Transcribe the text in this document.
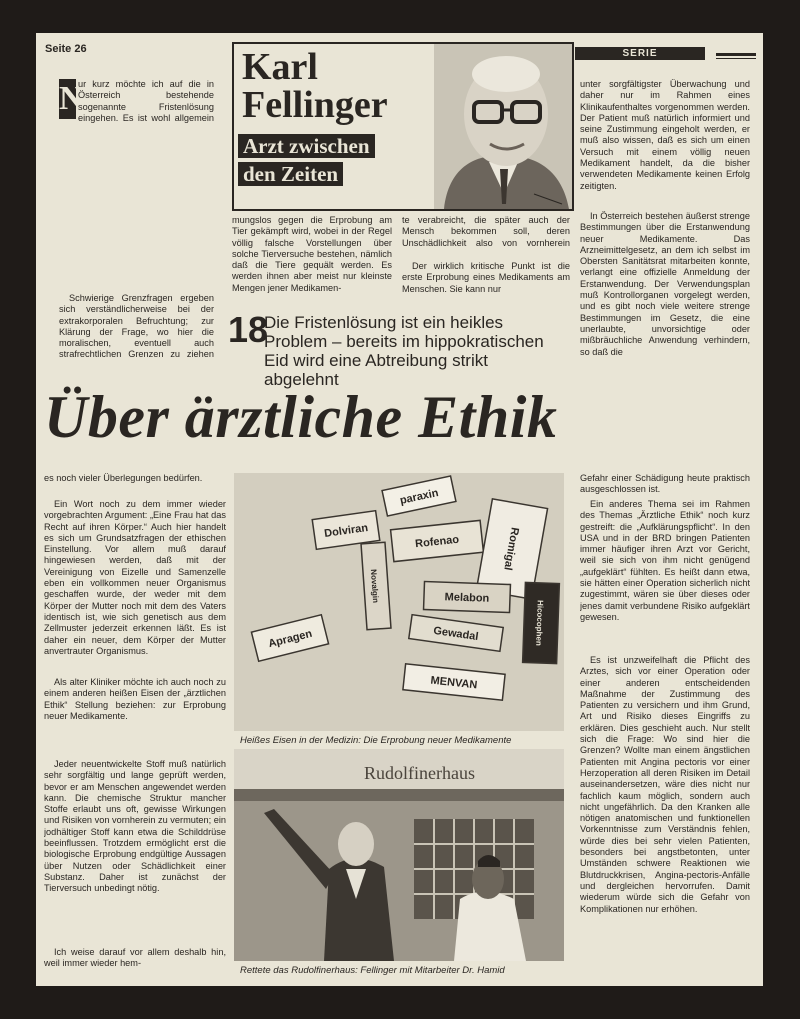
Seite 26	SERIE
Karl
Fellinger
Arzt zwischen
den Zeiten
N

ur kurz möchte ich auf die in Österreich bestehende sogenannte Fristenlösung eingehen. Es ist wohl allgemein

Schwierige Grenzfragen ergeben sich verständlicherweise bei der extrakorporalen Befruchtung; zur Klärung der Frage, wo hier die moralischen, eventuell auch strafrechtlichen Grenzen zu ziehen

mungslos gegen die Erprobung am Tier gekämpft wird, wobei in der Regel völlig falsche Vorstellungen über solche Tierversuche bestehen, nämlich daß die Tiere gequält werden. Es werden ihnen aber meist nur kleinste Mengen jener Medikamen-

te verabreicht, die später auch der Mensch bekommen soll, deren Unschädlichkeit also von vornherein

Der wirklich kritische Punkt ist die erste Erprobung eines Medikaments am Menschen. Sie kann nur

unter sorgfältigster Überwachung und daher nur im Rahmen eines Klinikaufenthaltes vorgenommen werden. Der Patient muß natürlich informiert und seine Zustimmung eingeholt werden, er muß also wissen, daß es sich um einen Versuch mit einem völlig neuen Medikament handelt, da die bisher verwendeten Medikamente keinen Erfolg zeitigten.

In Österreich bestehen äußerst strenge Bestimmungen über die Erstanwendung neuer Medikamente. Das Arzneimittelgesetz, an dem ich selbst im Obersten Sanitätsrat mitarbeiten konnte, verlangt eine offizielle Anmeldung der Erstanwendung. Der Verwendungsplan muß Kontrollorganen vorgelegt werden, und es gibt noch viele weitere strenge Bestimmungen im Gesetz, die eine unerlaubte, unvorsichtige oder mißbräuchliche Anwendung verhindern, so daß die

18

Die Fristenlösung ist ein heikles Problem – bereits im hippokratischen Eid wird eine Abtreibung strikt abgelehnt

Über ärztliche Ethik

es noch vieler Überlegungen bedürfen.

Ein Wort noch zu dem immer wieder vorgebrachten Argument: „Eine Frau hat das Recht auf ihren Körper.“ Auch hier handelt es sich um Grundsatzfragen der ethischen Einstellung. Vor allem muß darauf hingewiesen werden, daß mit der Vereinigung von Eizelle und Samenzelle eben ein vollkommen neuer Organismus geschaffen wurde, der weder mit dem Körper der Mutter noch mit dem des Vaters identisch ist, wie sich genetisch aus dem Zellmuster jederzeit erkennen läßt. Es ist daher ein neuer, dem Körper der Mutter anvertrauter Organismus.

Als alter Kliniker möchte ich auch noch zu einem anderen heißen Eisen der „ärztlichen Ethik“ Stellung beziehen: zur Erprobung neuer Medikamente.

Jeder neuentwickelte Stoff muß natürlich sehr sorgfältig und lange geprüft werden, bevor er am Menschen angewendet werden kann. Die chemische Struktur mancher Stoffe erlaubt uns oft, gewisse Wirkungen und Risiken von vornherein zu vermuten; ein jodhältiger Stoff kann etwa die Schilddrüse beeinflussen. Trotzdem ermöglicht erst die biologische Erprobung endgültige Aussagen über Nutzen oder Schädlichkeit einer Substanz. Daher ist zunächst der Tierversuch unbedingt nötig.

Ich weise darauf vor allem deshalb hin, weil immer wieder hem-

paraxin
Dolviran
Rofenaо	Romigal
Melabon
Apragen	Gewadal
MENVAN
Hicocophen
Novalgin

Heißes Eisen in der Medizin: Die Erprobung neuer Medikamente

Rudolfinerhaus

Rettete das Rudolfinerhaus: Fellinger mit Mitarbeiter Dr. Hamid

Gefahr einer Schädigung heute praktisch ausgeschlossen ist.

Ein anderes Thema sei im Rahmen des Themas „Ärztliche Ethik“ noch kurz gestreift: die „Aufklärungspflicht“. In den USA und in der BRD bringen Patienten immer häufiger ihren Arzt vor Gericht, weil sie sich von ihm nicht genügend „aufgeklärt“ fühlten. Es heißt dann etwa, sie hätten einer Operation sicherlich nicht zugestimmt, wären sie über dieses oder jenes damit verbundene Risiko aufgeklärt gewesen.

Es ist unzweifelhaft die Pflicht des Arztes, sich vor einer Operation oder einer anderen entscheidenden Maßnahme der Zustimmung des Patienten zu versichern und ihm Grund, Art und Risiko dieses Eingriffs zu erklären. Dies geschieht auch. Nur stellt sich die Frage: Wo sind hier die Grenzen? Wollte man einem ängstlichen Patienten mit Angina pectoris vor einer Herzoperation all deren Risiken im Detail auseinandersetzen, wäre dies nicht nur fachlich kaum möglich, sondern auch nicht ungefährlich. Da den Kranken alle nötigen anatomischen und funktionellen Vorkenntnisse zum Verständnis fehlen, würde dies bei sehr vielen Patienten, besonders bei angstbetonten, unter Umständen schwere Reaktionen wie Blutdruckkrisen, Angina-pectoris-Anfälle und dergleichen hervorrufen. Damit wiederum würde sich die Gefahr von Komplikationen nur erhöhen.
